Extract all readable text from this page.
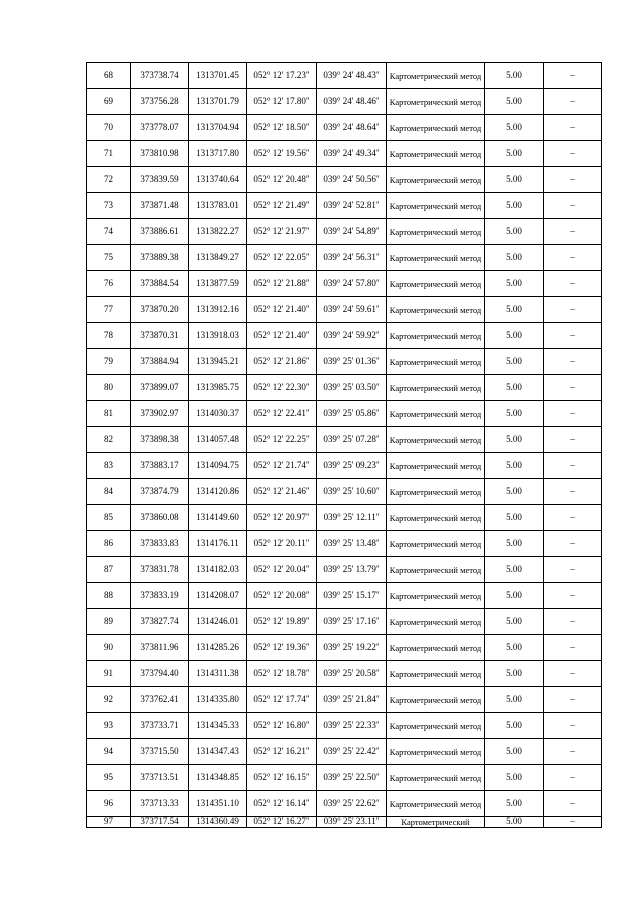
68	373738.74	1313701.45	052° 12' 17.23"	039° 24' 48.43"	Картометрический метод	5.00	–
69	373756.28	1313701.79	052° 12' 17.80"	039° 24' 48.46"	Картометрический метод	5.00	–
70	373778.07	1313704.94	052° 12' 18.50"	039° 24' 48.64"	Картометрический метод	5.00	–
71	373810.98	1313717.80	052° 12' 19.56"	039° 24' 49.34"	Картометрический метод	5.00	–
72	373839.59	1313740.64	052° 12' 20.48"	039° 24' 50.56"	Картометрический метод	5.00	–
73	373871.48	1313783.01	052° 12' 21.49"	039° 24' 52.81"	Картометрический метод	5.00	–
74	373886.61	1313822.27	052° 12' 21.97"	039° 24' 54.89"	Картометрический метод	5.00	–
75	373889.38	1313849.27	052° 12' 22.05"	039° 24' 56.31"	Картометрический метод	5.00	–
76	373884.54	1313877.59	052° 12' 21.88"	039° 24' 57.80"	Картометрический метод	5.00	–
77	373870.20	1313912.16	052° 12' 21.40"	039° 24' 59.61"	Картометрический метод	5.00	–
78	373870.31	1313918.03	052° 12' 21.40"	039° 24' 59.92"	Картометрический метод	5.00	–
79	373884.94	1313945.21	052° 12' 21.86"	039° 25' 01.36"	Картометрический метод	5.00	–
80	373899.07	1313985.75	052° 12' 22.30"	039° 25' 03.50"	Картометрический метод	5.00	–
81	373902.97	1314030.37	052° 12' 22.41"	039° 25' 05.86"	Картометрический метод	5.00	–
82	373898.38	1314057.48	052° 12' 22.25"	039° 25' 07.28"	Картометрический метод	5.00	–
83	373883.17	1314094.75	052° 12' 21.74"	039° 25' 09.23"	Картометрический метод	5.00	–
84	373874.79	1314120.86	052° 12' 21.46"	039° 25' 10.60"	Картометрический метод	5.00	–
85	373860.08	1314149.60	052° 12' 20.97"	039° 25' 12.11"	Картометрический метод	5.00	–
86	373833.83	1314176.11	052° 12' 20.11"	039° 25' 13.48"	Картометрический метод	5.00	–
87	373831.78	1314182.03	052° 12' 20.04"	039° 25' 13.79"	Картометрический метод	5.00	–
88	373833.19	1314208.07	052° 12' 20.08"	039° 25' 15.17"	Картометрический метод	5.00	–
89	373827.74	1314246.01	052° 12' 19.89"	039° 25' 17.16"	Картометрический метод	5.00	–
90	373811.96	1314285.26	052° 12' 19.36"	039° 25' 19.22"	Картометрический метод	5.00	–
91	373794.40	1314311.38	052° 12' 18.78"	039° 25' 20.58"	Картометрический метод	5.00	–
92	373762.41	1314335.80	052° 12' 17.74"	039° 25' 21.84"	Картометрический метод	5.00	–
93	373733.71	1314345.33	052° 12' 16.80"	039° 25' 22.33"	Картометрический метод	5.00	–
94	373715.50	1314347.43	052° 12' 16.21"	039° 25' 22.42"	Картометрический метод	5.00	–
95	373713.51	1314348.85	052° 12' 16.15"	039° 25' 22.50"	Картометрический метод	5.00	–
96	373713.33	1314351.10	052° 12' 16.14"	039° 25' 22.62"	Картометрический метод	5.00	–
97	373717.54	1314360.49	052° 12' 16.27"	039° 25' 23.11"	Картометрический	5.00	–
